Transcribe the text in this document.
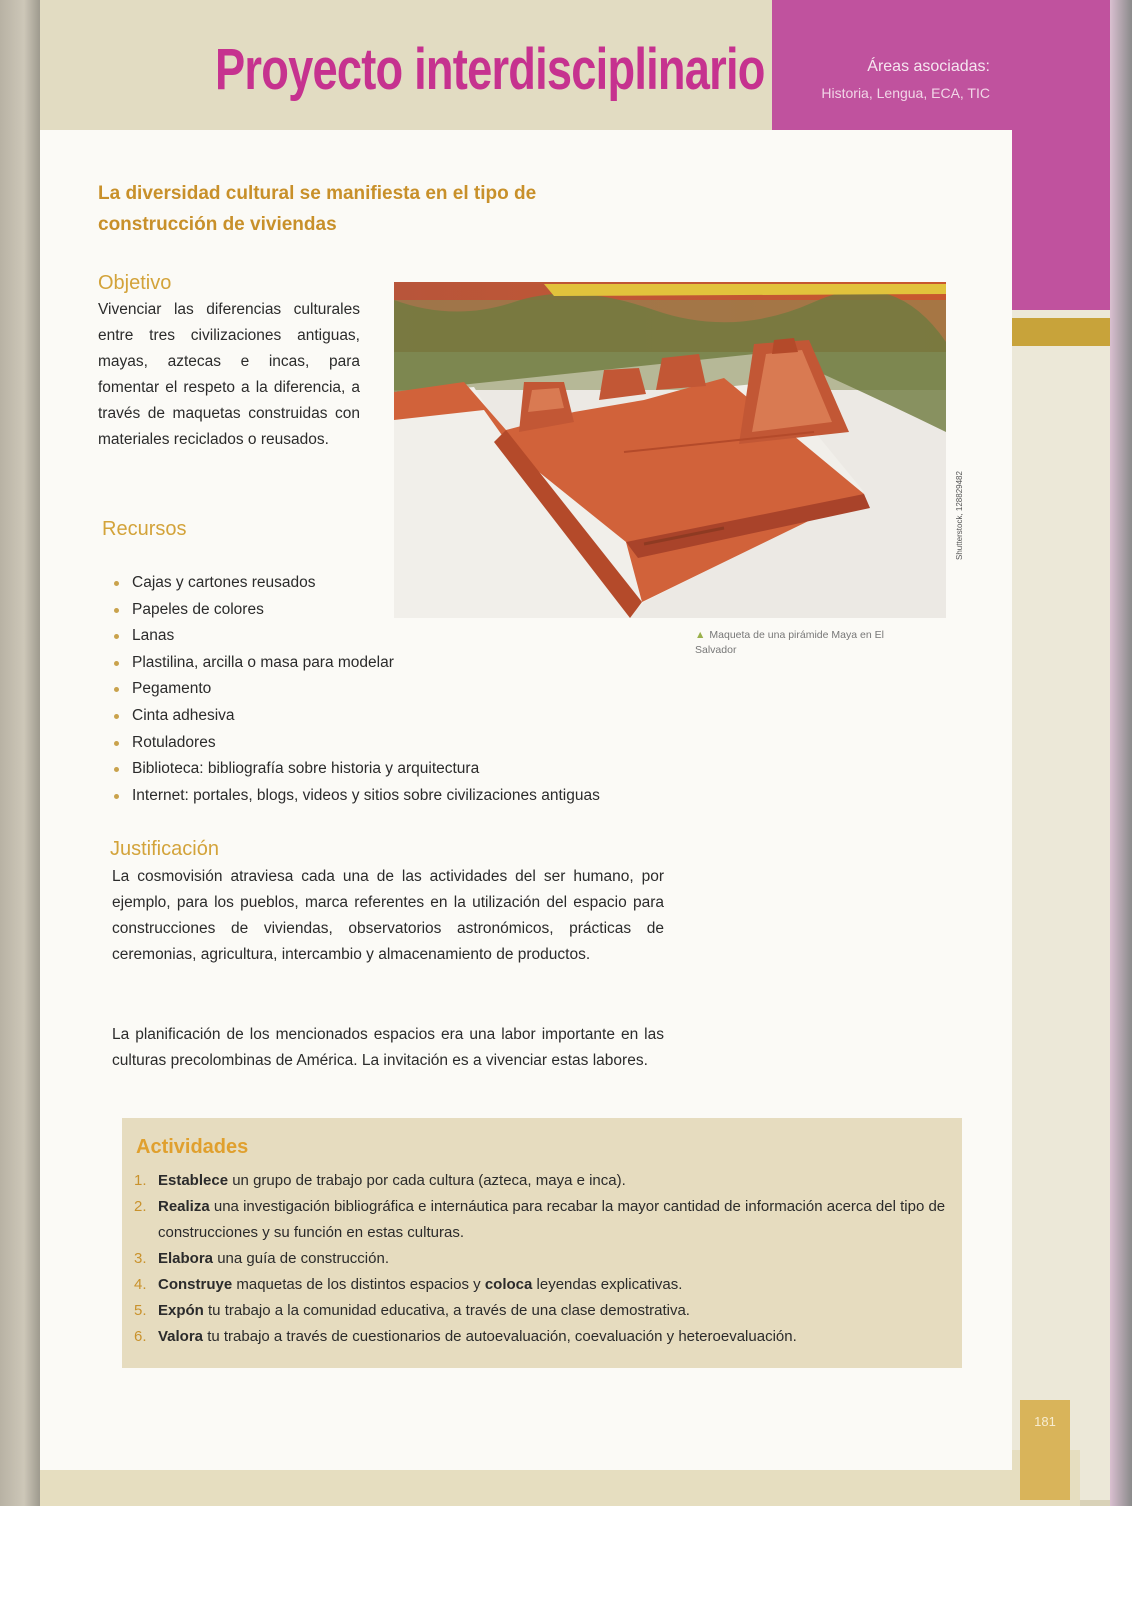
Proyecto interdisciplinario	Áreas asociadas:
Historia, Lengua, ECA, TIC
181
La diversidad cultural se manifiesta en el tipo de construcción de viviendas
Objetivo

Vivenciar las diferencias culturales entre tres civilizaciones antiguas, mayas, aztecas e incas, para fomentar el respeto a la diferencia, a través de maquetas construidas con materiales reciclados o reusados.

Shutterstock, 128829482
▲ Maqueta de una pirámide Maya en El Salvador
Recursos
Cajas y cartones reusados
Papeles de colores
Lanas
Plastilina, arcilla o masa para modelar
Pegamento
Cinta adhesiva
Rotuladores
Biblioteca: bibliografía sobre historia y arquitectura
Internet: portales, blogs, videos y sitios sobre civilizaciones antiguas
Justificación

La cosmovisión atraviesa cada una de las actividades del ser humano, por ejemplo, para los pueblos, marca referentes en la utilización del espacio para construcciones de viviendas, observatorios astronómicos, prácticas de ceremonias, agricultura, intercambio y almacenamiento de productos.

La planificación de los mencionados espacios era una labor importante en las culturas precolombinas de América. La invitación es a vivenciar estas labores.

Actividades
1. Establece un grupo de trabajo por cada cultura (azteca, maya e inca).
2. Realiza una investigación bibliográfica e internáutica para recabar la mayor cantidad de información acerca del tipo de construcciones y su función en estas culturas.
3. Elabora una guía de construcción.
4. Construye maquetas de los distintos espacios y coloca leyendas explicativas.
5. Expón tu trabajo a la comunidad educativa, a través de una clase demostrativa.
6. Valora tu trabajo a través de cuestionarios de autoevaluación, coevaluación y heteroevaluación.
